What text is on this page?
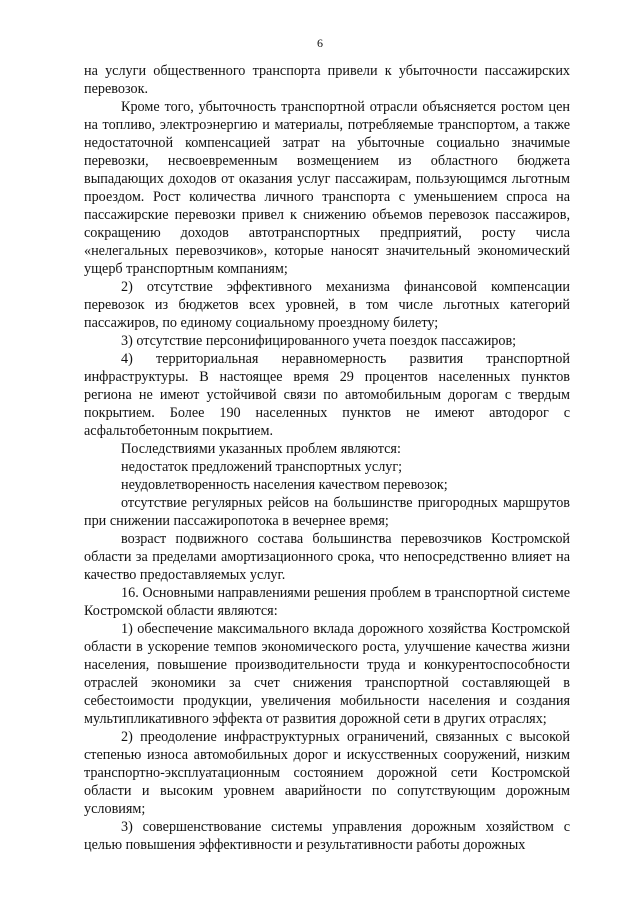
6

на услуги общественного транспорта привели к убыточности пассажирских перевозок.

Кроме того, убыточность транспортной отрасли объясняется ростом цен на топливо, электроэнергию и материалы, потребляемые транспортом, а также недостаточной компенсацией затрат на убыточные социально значимые перевозки, несвоевременным возмещением из областного бюджета выпадающих доходов от оказания услуг пассажирам, пользующимся льготным проездом. Рост количества личного транспорта с уменьшением спроса на пассажирские перевозки привел к снижению объемов перевозок пассажиров, сокращению доходов автотранспортных предприятий, росту числа «нелегальных перевозчиков», которые наносят значительный экономический ущерб транспортным компаниям;

2) отсутствие эффективного механизма финансовой компенсации перевозок из бюджетов всех уровней, в том числе льготных категорий пассажиров, по единому социальному проездному билету;

3) отсутствие персонифицированного учета поездок пассажиров;

4) территориальная неравномерность развития транспортной инфраструктуры. В настоящее время 29 процентов населенных пунктов региона не имеют устойчивой связи по автомобильным дорогам с твердым покрытием. Более 190 населенных пунктов не имеют автодорог с асфальтобетонным покрытием.

Последствиями указанных проблем являются:

недостаток предложений транспортных услуг;

неудовлетворенность населения качеством перевозок;

отсутствие регулярных рейсов на большинстве пригородных маршрутов при снижении пассажиропотока в вечернее время;

возраст подвижного состава большинства перевозчиков Костромской области за пределами амортизационного срока, что непосредственно влияет на качество предоставляемых услуг.

16. Основными направлениями решения проблем в транспортной системе Костромской области являются:

1) обеспечение максимального вклада дорожного хозяйства Костромской области в ускорение темпов экономического роста, улучшение качества жизни населения, повышение производительности труда и конкурентоспособности отраслей экономики за счет снижения транспортной составляющей в себестоимости продукции, увеличения мобильности населения и создания мультипликативного эффекта от развития дорожной сети в других отраслях;

2) преодоление инфраструктурных ограничений, связанных с высокой степенью износа автомобильных дорог и искусственных сооружений, низким транспортно-эксплуатационным состоянием дорожной сети Костромской области и высоким уровнем аварийности по сопутствующим дорожным условиям;

3) совершенствование системы управления дорожным хозяйством с целью повышения эффективности и результативности работы дорожных
